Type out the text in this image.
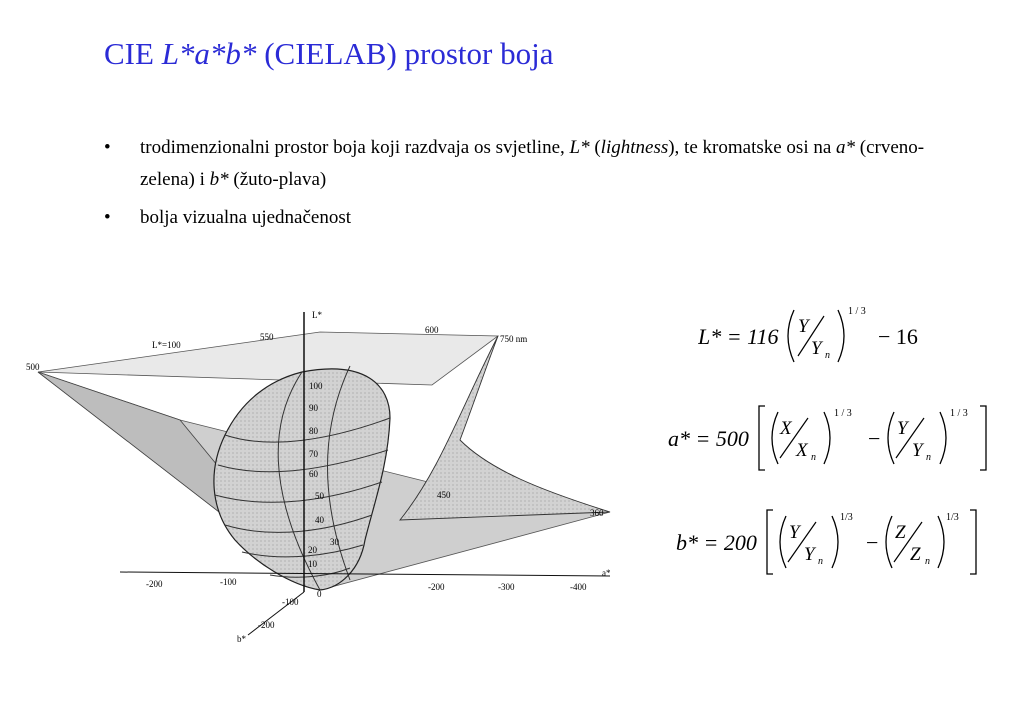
CIE L*a*b* (CIELAB) prostor boja
• trodimenzionalni prostor boja koji razdvaja os svjetline, L* (lightness), te kromatske osi na a* (crveno-zelena) i b* (žuto-plava)
• bolja vizualna ujednačenost
L*
a*
b*
L*=100
500
550
600
750 nm
450
360
100
90
80
70
60
50
40
30
20
10
0
-200	-100	-200	-300	-400
-100
-200
L* = 116 Y
Y n
1 / 3
− 16
a* = 500 X
X n
1 / 3
− Y
Y n
1 / 3
b* = 200 Y
Y n
1/3
− Z
Z n
1/3
